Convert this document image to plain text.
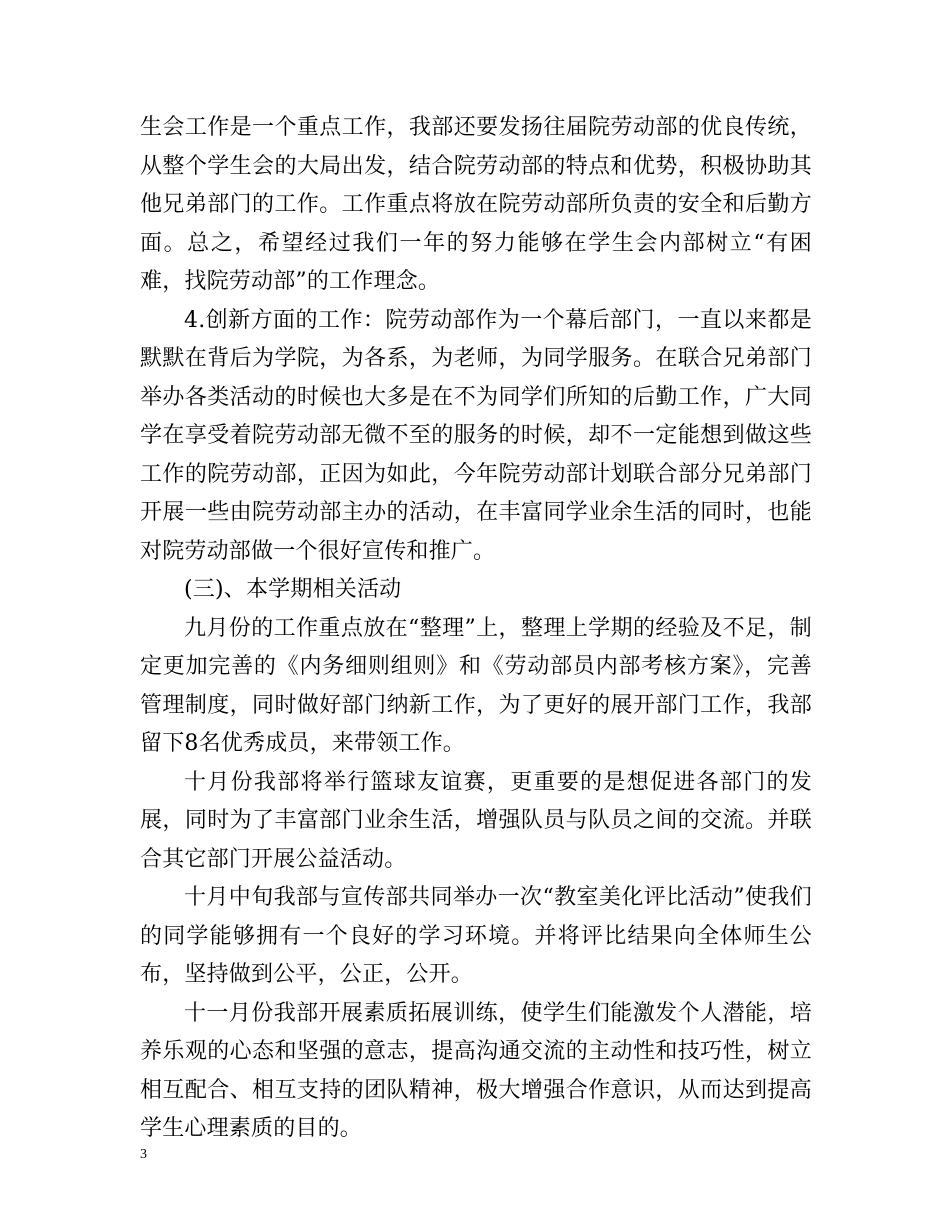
生会工作是一个重点工作，我部还要发扬往届院劳动部的优良传统，从整个学生会的大局出发，结合院劳动部的特点和优势，积极协助其他兄弟部门的工作。工作重点将放在院劳动部所负责的安全和后勤方面。总之，希望经过我们一年的努力能够在学生会内部树立“有困难，找院劳动部”的工作理念。

4.创新方面的工作：院劳动部作为一个幕后部门，一直以来都是默默在背后为学院，为各系，为老师，为同学服务。在联合兄弟部门举办各类活动的时候也大多是在不为同学们所知的后勤工作，广大同学在享受着院劳动部无微不至的服务的时候，却不一定能想到做这些工作的院劳动部，正因为如此，今年院劳动部计划联合部分兄弟部门开展一些由院劳动部主办的活动，在丰富同学业余生活的同时，也能对院劳动部做一个很好宣传和推广。

(三)、本学期相关活动

九月份的工作重点放在“整理”上，整理上学期的经验及不足，制定更加完善的《内务细则组则》和《劳动部员内部考核方案》，完善管理制度，同时做好部门纳新工作，为了更好的展开部门工作，我部留下8名优秀成员，来带领工作。

十月份我部将举行篮球友谊赛，更重要的是想促进各部门的发展，同时为了丰富部门业余生活，增强队员与队员之间的交流。并联合其它部门开展公益活动。

十月中旬我部与宣传部共同举办一次“教室美化评比活动”使我们的同学能够拥有一个良好的学习环境。并将评比结果向全体师生公布，坚持做到公平，公正，公开。

十一月份我部开展素质拓展训练，使学生们能激发个人潜能，培养乐观的心态和坚强的意志，提高沟通交流的主动性和技巧性，树立相互配合、相互支持的团队精神，极大增强合作意识，从而达到提高学生心理素质的目的。

3
